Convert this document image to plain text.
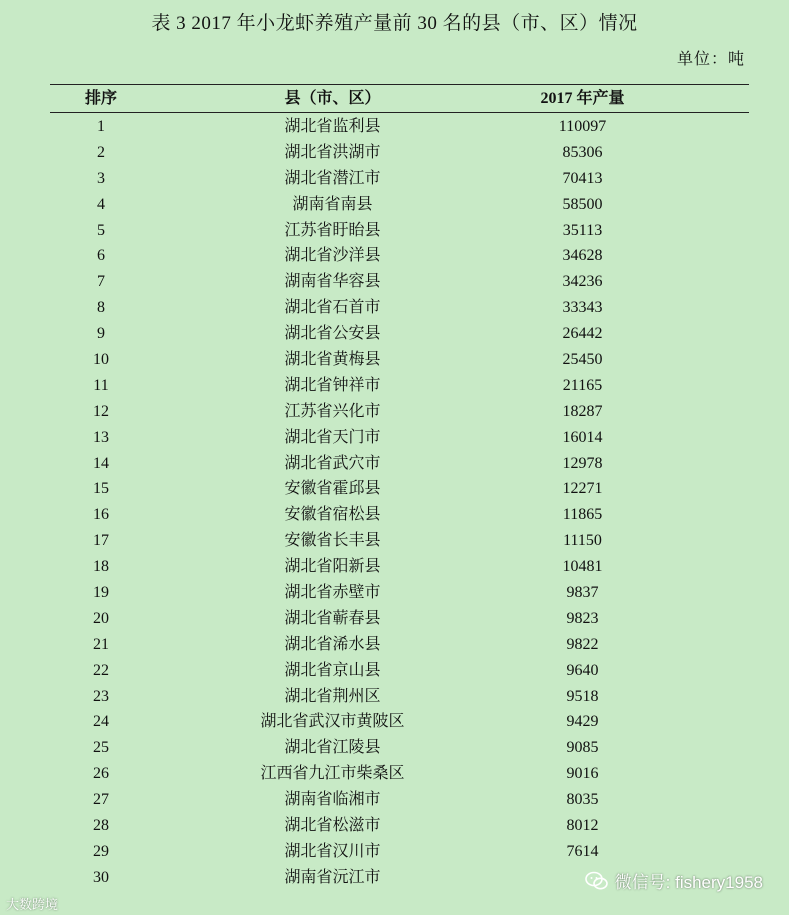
表 3 2017 年小龙虾养殖产量前 30 名的县（市、区）情况
单位：吨
排序	县（市、区）	2017 年产量
1	湖北省监利县	110097
2	湖北省洪湖市	85306
3	湖北省潜江市	70413
4	湖南省南县	58500
5	江苏省盱眙县	35113
6	湖北省沙洋县	34628
7	湖南省华容县	34236
8	湖北省石首市	33343
9	湖北省公安县	26442
10	湖北省黄梅县	25450
11	湖北省钟祥市	21165
12	江苏省兴化市	18287
13	湖北省天门市	16014
14	湖北省武穴市	12978
15	安徽省霍邱县	12271
16	安徽省宿松县	11865
17	安徽省长丰县	11150
18	湖北省阳新县	10481
19	湖北省赤壁市	9837
20	湖北省蕲春县	9823
21	湖北省浠水县	9822
22	湖北省京山县	9640
23	湖北省荆州区	9518
24	湖北省武汉市黄陂区	9429
25	湖北省江陵县	9085
26	江西省九江市柴桑区	9016
27	湖南省临湘市	8035
28	湖北省松滋市	8012
29	湖北省汉川市	7614
30	湖南省沅江市	微信号: fishery1958
大数跨境
